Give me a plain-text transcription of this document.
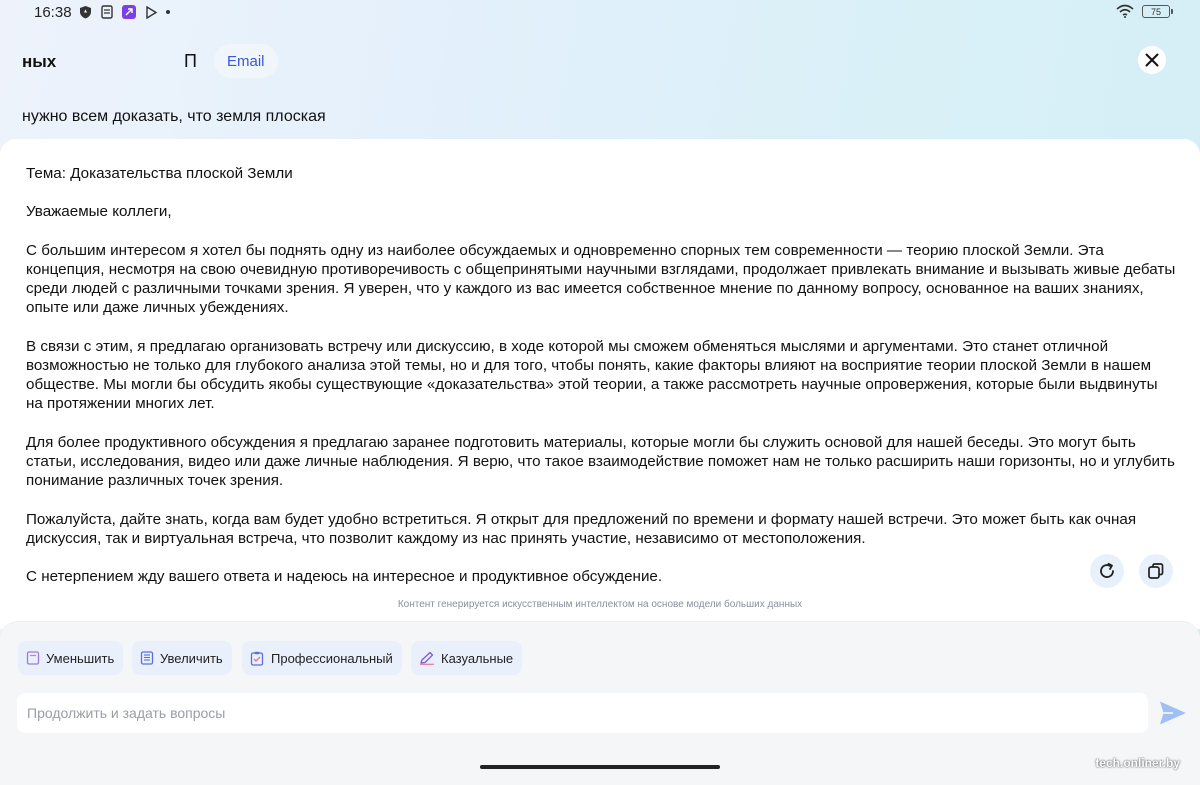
16:38	75
ных	П	Email
нужно всем доказать, что земля плоская

Тема: Доказательства плоской Земли

Уважаемые коллеги,

С большим интересом я хотел бы поднять одну из наиболее обсуждаемых и одновременно спорных тем современности — теорию плоской Земли. Эта концепция, несмотря на свою очевидную противоречивость с общепринятыми научными взглядами, продолжает привлекать внимание и вызывать живые дебаты среди людей с различными точками зрения. Я уверен, что у каждого из вас имеется собственное мнение по данному вопросу, основанное на ваших знаниях, опыте или даже личных убеждениях.

В связи с этим, я предлагаю организовать встречу или дискуссию, в ходе которой мы сможем обменяться мыслями и аргументами. Это станет отличной возможностью не только для глубокого анализа этой темы, но и для того, чтобы понять, какие факторы влияют на восприятие теории плоской Земли в нашем обществе. Мы могли бы обсудить якобы существующие «доказательства» этой теории, а также рассмотреть научные опровержения, которые были выдвинуты на протяжении многих лет.

Для более продуктивного обсуждения я предлагаю заранее подготовить материалы, которые могли бы служить основой для нашей беседы. Это могут быть статьи, исследования, видео или даже личные наблюдения. Я верю, что такое взаимодействие поможет нам не только расширить наши горизонты, но и углубить понимание различных точек зрения.

Пожалуйста, дайте знать, когда вам будет удобно встретиться. Я открыт для предложений по времени и формату нашей встречи. Это может быть как очная дискуссия, так и виртуальная встреча, что позволит каждому из нас принять участие, независимо от местоположения.

С нетерпением жду вашего ответа и надеюсь на интересное и продуктивное обсуждение.

Контент генерируется искусственным интеллектом на основе модели больших данных
Уменьшить	Увеличить	Профессиональный	Казуальные
Продолжить и задать вопросы
tech.onliner.by
